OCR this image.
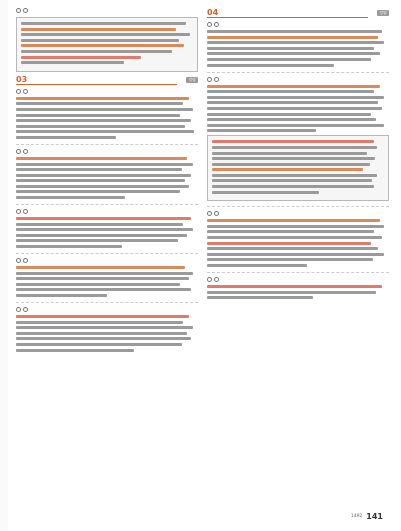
03	정답
04	정답
1492 141
